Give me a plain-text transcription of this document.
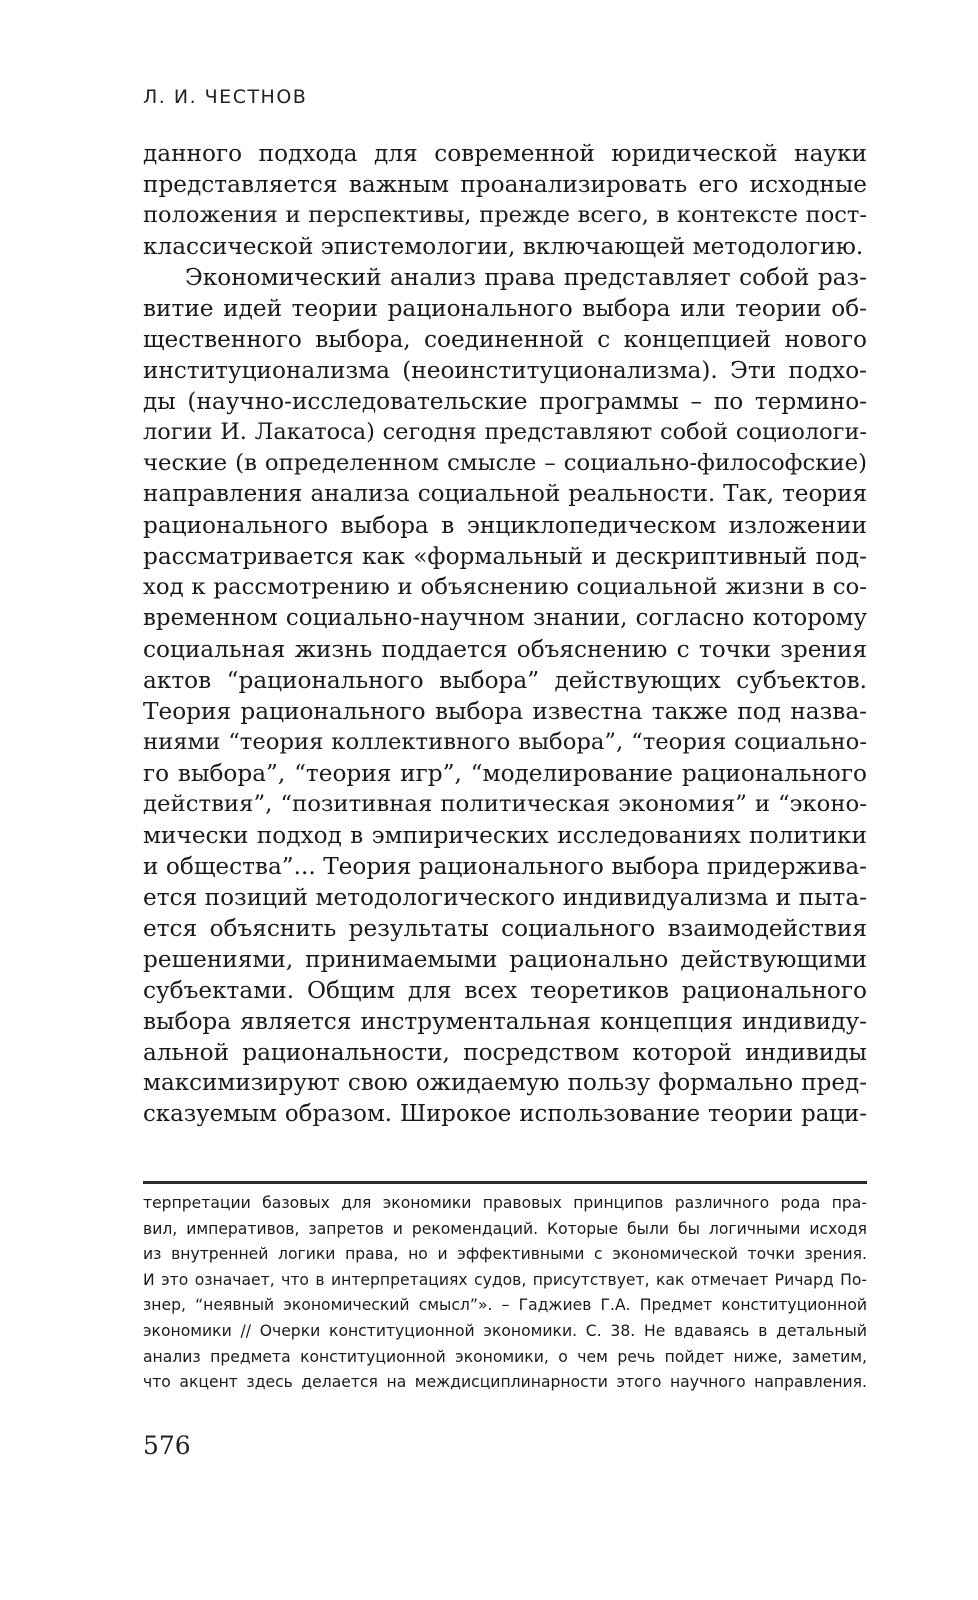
Л. И. ЧЕСТНОВ
данного подхода для современной юридической науки
представляется важным проанализировать его исходные
положения и перспективы, прежде всего, в контексте пост-
классической эпистемологии, включающей методологию.
Экономический анализ права представляет собой раз-
витие идей теории рационального выбора или теории об-
щественного выбора, соединенной с концепцией нового
институционализма (неоинституционализма). Эти подхо-
ды (научно-исследовательские программы – по термино-
логии И. Лакатоса) сегодня представляют собой социологи-
ческие (в определенном смысле – социально-философские)
направления анализа социальной реальности. Так, теория
рационального выбора в энциклопедическом изложении
рассматривается как «формальный и дескриптивный под-
ход к рассмотрению и объяснению социальной жизни в со-
временном социально-научном знании, согласно которому
социальная жизнь поддается объяснению с точки зрения
актов “рационального выбора” действующих субъектов.
Теория рационального выбора известна также под назва-
ниями “теория коллективного выбора”, “теория социально-
го выбора”, “теория игр”, “моделирование рационального
действия”, “позитивная политическая экономия” и “эконо-
мически подход в эмпирических исследованиях политики
и общества”... Теория рационального выбора придержива-
ется позиций методологического индивидуализма и пыта-
ется объяснить результаты социального взаимодействия
решениями, принимаемыми рационально действующими
субъектами. Общим для всех теоретиков рационального
выбора является инструментальная концепция индивиду-
альной рациональности, посредством которой индивиды
максимизируют свою ожидаемую пользу формально пред-
сказуемым образом. Широкое использование теории раци-
терпретации базовых для экономики правовых принципов различного рода пра-
вил, императивов, запретов и рекомендаций. Которые были бы логичными исходя
из внутренней логики права, но и эффективными с экономической точки зрения.
И это означает, что в интерпретациях судов, присутствует, как отмечает Ричард По-
знер, “неявный экономический смысл”». – Гаджиев Г.А. Предмет конституционной
экономики // Очерки конституционной экономики. С. 38. Не вдаваясь в детальный
анализ предмета конституционной экономики, о чем речь пойдет ниже, заметим,
что акцент здесь делается на междисциплинарности этого научного направления.
576
